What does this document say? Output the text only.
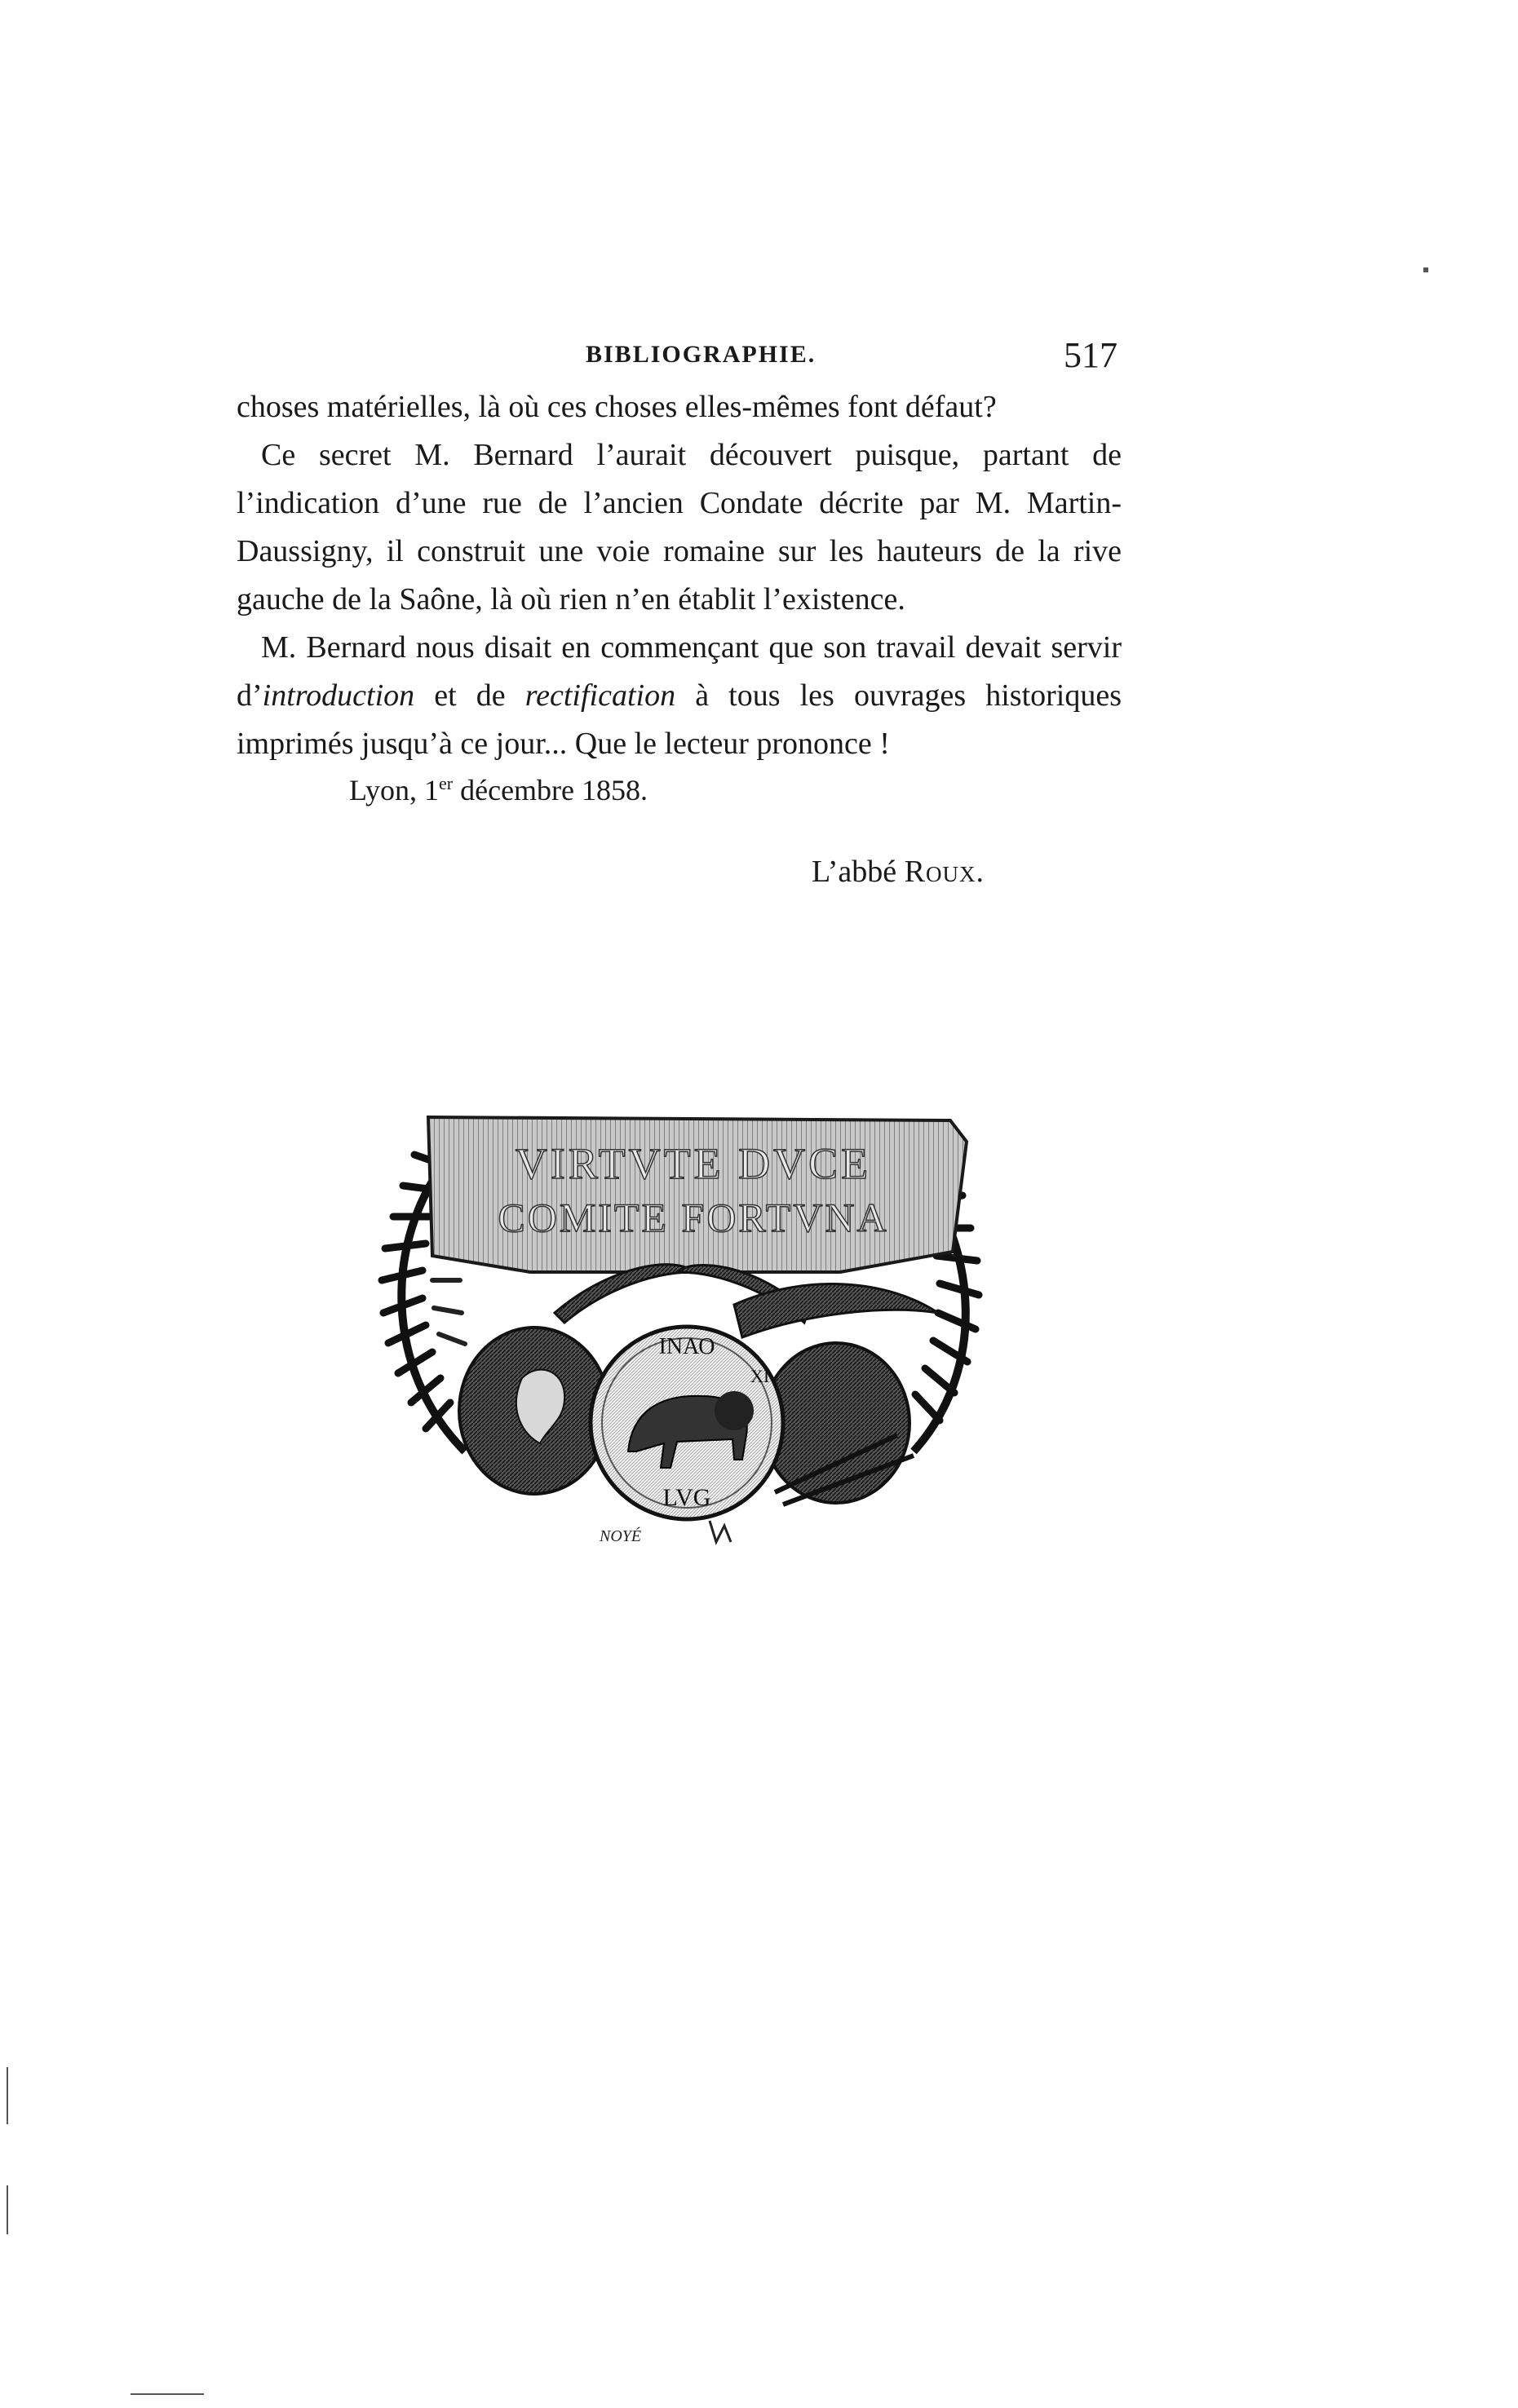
BIBLIOGRAPHIE.	517

choses matérielles, là où ces choses elles-mêmes font défaut?

Ce secret M. Bernard l’aurait découvert puisque, partant de l’indication d’une rue de l’ancien Condate décrite par M. Martin-Daussigny, il construit une voie romaine sur les hauteurs de la rive gauche de la Saône, là où rien n’en établit l’existence.

M. Bernard nous disait en commençant que son travail devait servir d’introduction et de rectification à tous les ouvrages historiques imprimés jusqu’à ce jour... Que le lecteur prononce !

Lyon, 1er décembre 1858.
L’abbé Roux.
VIRTVTE DVCE
COMITE FORTVNA
ΙΝΑΟ
XI
LVG
NOYÉ
